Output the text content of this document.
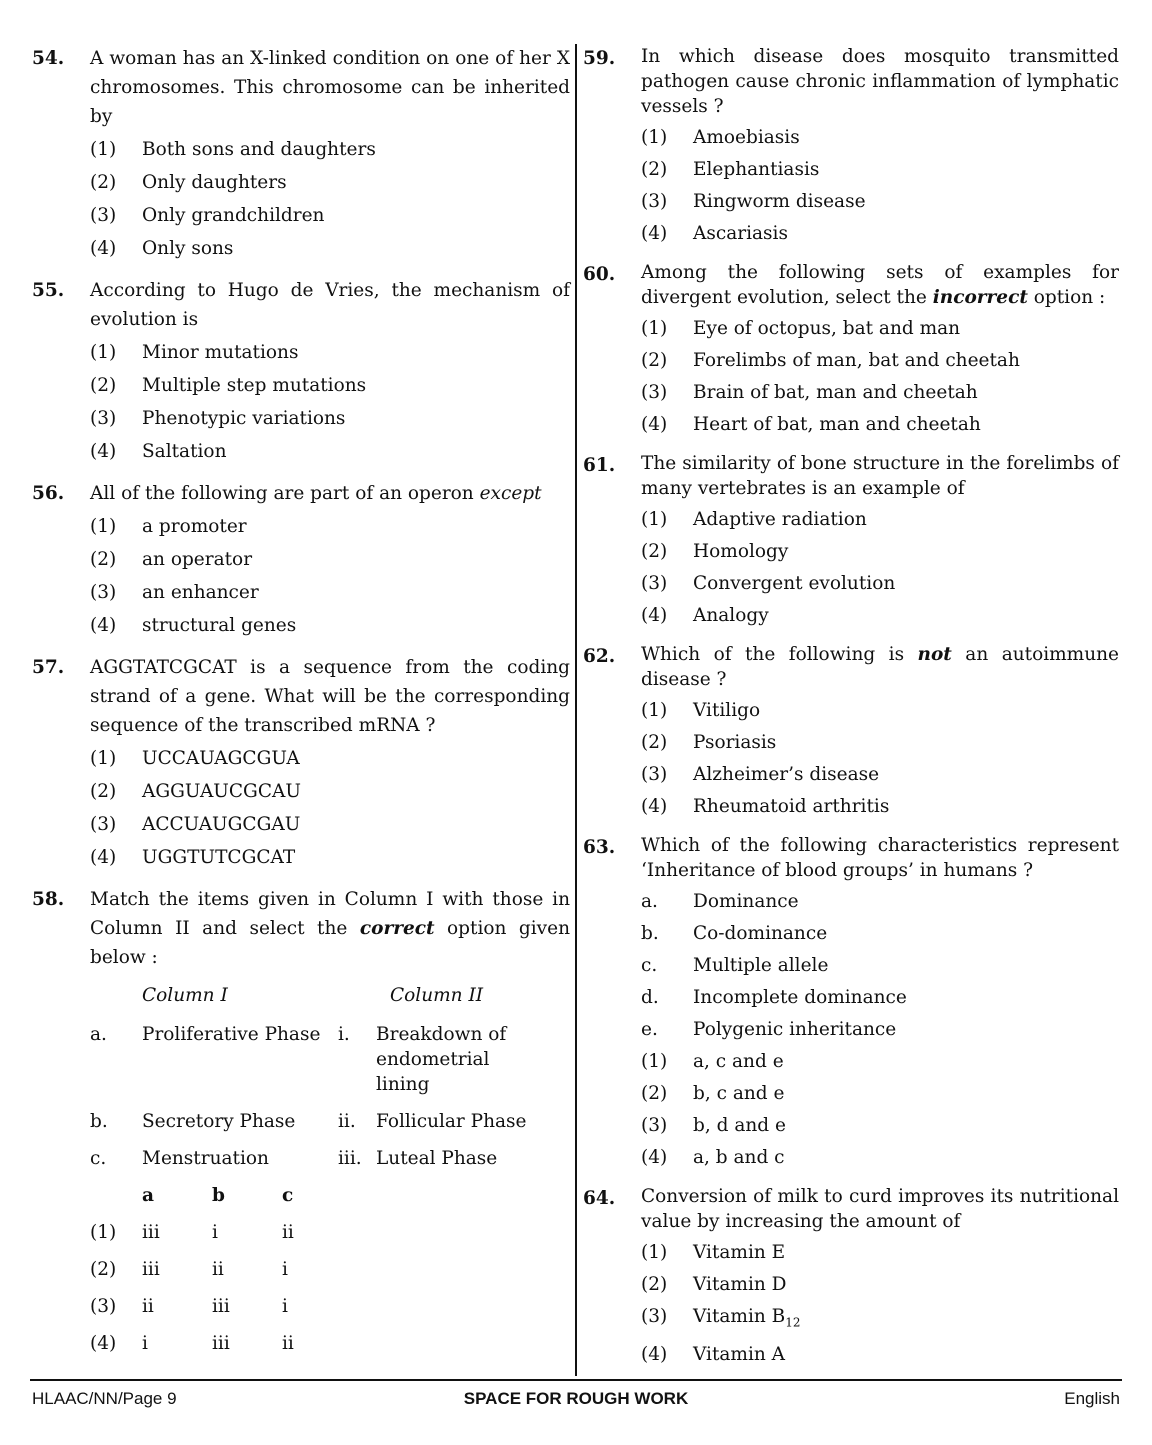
54. A woman has an X-linked condition on one of her X chromosomes. This chromosome can be inherited by
(1)	Both sons and daughters
(2)	Only daughters
(3)	Only grandchildren
(4)	Only sons
55. According to Hugo de Vries, the mechanism of evolution is
(1)	Minor mutations
(2)	Multiple step mutations
(3)	Phenotypic variations
(4)	Saltation
56. All of the following are part of an operon except
(1)	a promoter
(2)	an operator
(3)	an enhancer
(4)	structural genes
57. AGGTATCGCAT is a sequence from the coding strand of a gene. What will be the corresponding sequence of the transcribed mRNA ?
(1)	UCCAUAGCGUA
(2)	AGGUAUCGCAU
(3)	ACCUAUGCGAU
(4)	UGGTUTCGCAT
58. Match the items given in Column I with those in Column II and select the correct option given below :
Column I	Column II
a.	Proliferative Phase i.	Breakdown of endometrial lining
b.	Secretory Phase	ii.	Follicular Phase
c.	Menstruation	iii. Luteal Phase
a	b	c
(1)	iii	i	ii
(2)	iii	ii	i
(3)	ii	iii	i
(4)	i	iii	ii
59. In which disease does mosquito transmitted pathogen cause chronic inflammation of lymphatic vessels ?
(1)	Amoebiasis
(2)	Elephantiasis
(3)	Ringworm disease
(4)	Ascariasis
60. Among the following sets of examples for divergent evolution, select the incorrect option :
(1)	Eye of octopus, bat and man
(2)	Forelimbs of man, bat and cheetah
(3)	Brain of bat, man and cheetah
(4)	Heart of bat, man and cheetah
61. The similarity of bone structure in the forelimbs of many vertebrates is an example of
(1)	Adaptive radiation
(2)	Homology
(3)	Convergent evolution
(4)	Analogy
62. Which of the following is not an autoimmune disease ?
(1)	Vitiligo
(2)	Psoriasis
(3)	Alzheimer’s disease
(4)	Rheumatoid arthritis
63. Which of the following characteristics represent ‘Inheritance of blood groups’ in humans ?
a.	Dominance
b.	Co-dominance
c.	Multiple allele
d.	Incomplete dominance
e.	Polygenic inheritance
(1)	a, c and e
(2)	b, c and e
(3)	b, d and e
(4)	a, b and c
64. Conversion of milk to curd improves its nutritional value by increasing the amount of
(1)	Vitamin E
(2)	Vitamin D
(3)	Vitamin $B_{12}$
(4)	Vitamin A
HLAAC/NN/Page 9	SPACE FOR ROUGH WORK	English
